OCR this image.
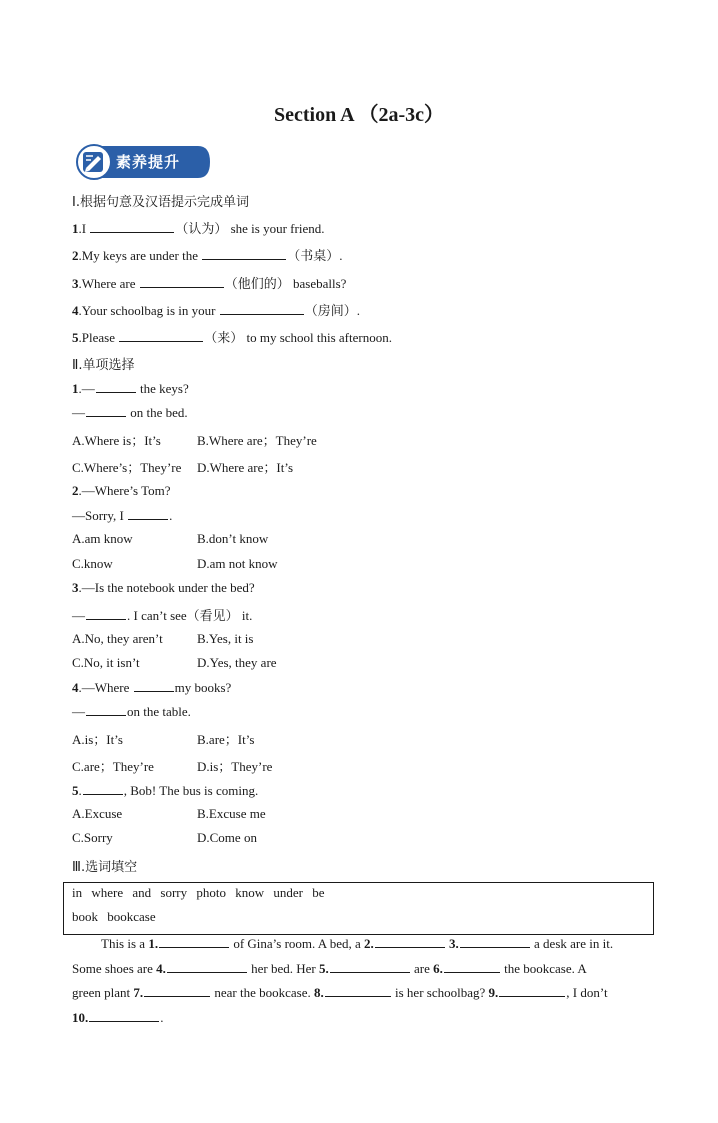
Section A （2a-3c）
素养提升
Ⅰ.根据句意及汉语提示完成单词
1.I	（认为） she is your friend.
2.My keys are under the	（书桌）.
3.Where are	（他们的） baseballs?
4.Your schoolbag is in your	（房间）.
5.Please	（来） to my school this afternoon.
Ⅱ.单项选择
1.—	the keys?
—	on the bed.
A.Where is；It’s	B.Where are；They’re
C.Where’s；They’re D.Where are；It’s
2.—Where’s Tom?
—Sorry, I	.
A.am know	B.don’t know
C.know	D.am not know
3.—Is the notebook under the bed?
—	. I can’t see（看见） it.
A.No, they aren’t	B.Yes, it is
C.No, it isn’t	D.Yes, they are
4.—Where	my books?
—	on the table.
A.is；It’s	B.are；It’s
C.are；They’re	D.is；They’re
5.	, Bob! The bus is coming.
A.Excuse	B.Excuse me
C.Sorry	D.Come on
Ⅲ.选词填空
in where and sorry photo know under be
book bookcase
This is a 1.	of Gina’s room. A bed, a 2.	3.	a desk are in it.
Some shoes are 4.	her bed. Her 5.	are 6.	the bookcase. A
green plant 7.	near the bookcase. 8.	is her schoolbag? 9.	, I don’t
10.	.
